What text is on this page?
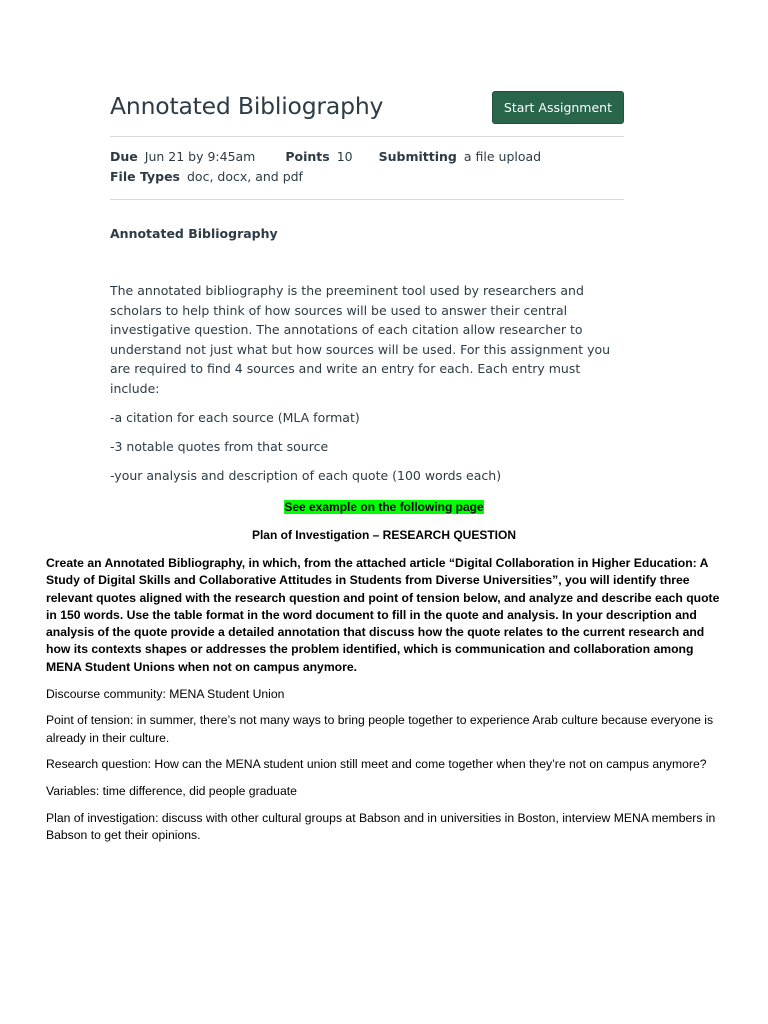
Annotated Bibliography	Start Assignment
Due Jun 21 by 9:45am Points 10 Submitting a file upload
File Types doc, docx, and pdf
Annotated Bibliography
The annotated bibliography is the preeminent tool used by researchers and scholars to help think of how sources will be used to answer their central investigative question. The annotations of each citation allow researcher to understand not just what but how sources will be used. For this assignment you are required to find 4 sources and write an entry for each. Each entry must include:
-a citation for each source (MLA format)
-3 notable quotes from that source
-your analysis and description of each quote (100 words each)
See example on the following page
Plan of Investigation – RESEARCH QUESTION

Create an Annotated Bibliography, in which, from the attached article “Digital Collaboration in Higher Education: A Study of Digital Skills and Collaborative Attitudes in Students from Diverse Universities”, you will identify three relevant quotes aligned with the research question and point of tension below, and analyze and describe each quote in 150 words. Use the table format in the word document to fill in the quote and analysis. In your description and analysis of the quote provide a detailed annotation that discuss how the quote relates to the current research and how its contexts shapes or addresses the problem identified, which is communication and collaboration among MENA Student Unions when not on campus anymore.

Discourse community: MENA Student Union

Point of tension: in summer, there’s not many ways to bring people together to experience Arab culture because everyone is already in their culture.

Research question: How can the MENA student union still meet and come together when they’re not on campus anymore?

Variables: time difference, did people graduate

Plan of investigation: discuss with other cultural groups at Babson and in universities in Boston, interview MENA members in Babson to get their opinions.
